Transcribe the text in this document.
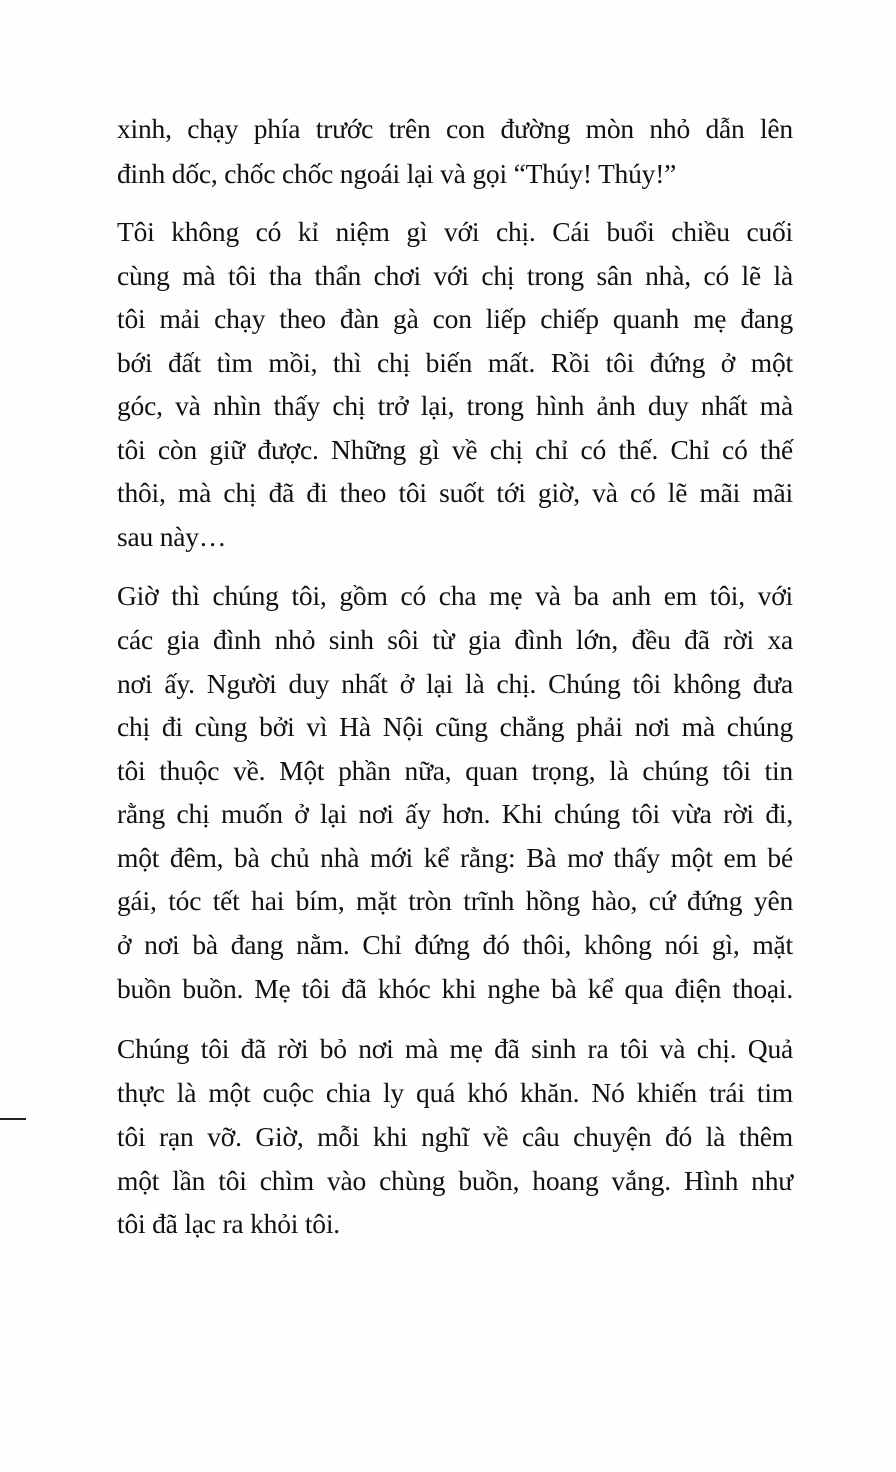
xinh, chạy phía trước trên con đường mòn nhỏ dẫn lên
đinh dốc, chốc chốc ngoái lại và gọi “Thúy! Thúy!”
Tôi không có kỉ niệm gì với chị. Cái buổi chiều cuối
cùng mà tôi tha thẩn chơi với chị trong sân nhà, có lẽ là
tôi mải chạy theo đàn gà con liếp chiếp quanh mẹ đang
bới đất tìm mồi, thì chị biến mất. Rồi tôi đứng ở một
góc, và nhìn thấy chị trở lại, trong hình ảnh duy nhất mà
tôi còn giữ được. Những gì về chị chỉ có thế. Chỉ có thế
thôi, mà chị đã đi theo tôi suốt tới giờ, và có lẽ mãi mãi
sau này…
Giờ thì chúng tôi, gồm có cha mẹ và ba anh em tôi, với
các gia đình nhỏ sinh sôi từ gia đình lớn, đều đã rời xa
nơi ấy. Người duy nhất ở lại là chị. Chúng tôi không đưa
chị đi cùng bởi vì Hà Nội cũng chẳng phải nơi mà chúng
tôi thuộc về. Một phần nữa, quan trọng, là chúng tôi tin
rằng chị muốn ở lại nơi ấy hơn. Khi chúng tôi vừa rời đi,
một đêm, bà chủ nhà mới kể rằng: Bà mơ thấy một em bé
gái, tóc tết hai bím, mặt tròn trĩnh hồng hào, cứ đứng yên
ở nơi bà đang nằm. Chỉ đứng đó thôi, không nói gì, mặt
buồn buồn. Mẹ tôi đã khóc khi nghe bà kể qua điện thoại.
Chúng tôi đã rời bỏ nơi mà mẹ đã sinh ra tôi và chị. Quả
thực là một cuộc chia ly quá khó khăn. Nó khiến trái tim
tôi rạn vỡ. Giờ, mỗi khi nghĩ về câu chuyện đó là thêm
một lần tôi chìm vào chùng buồn, hoang vắng. Hình như
tôi đã lạc ra khỏi tôi.
